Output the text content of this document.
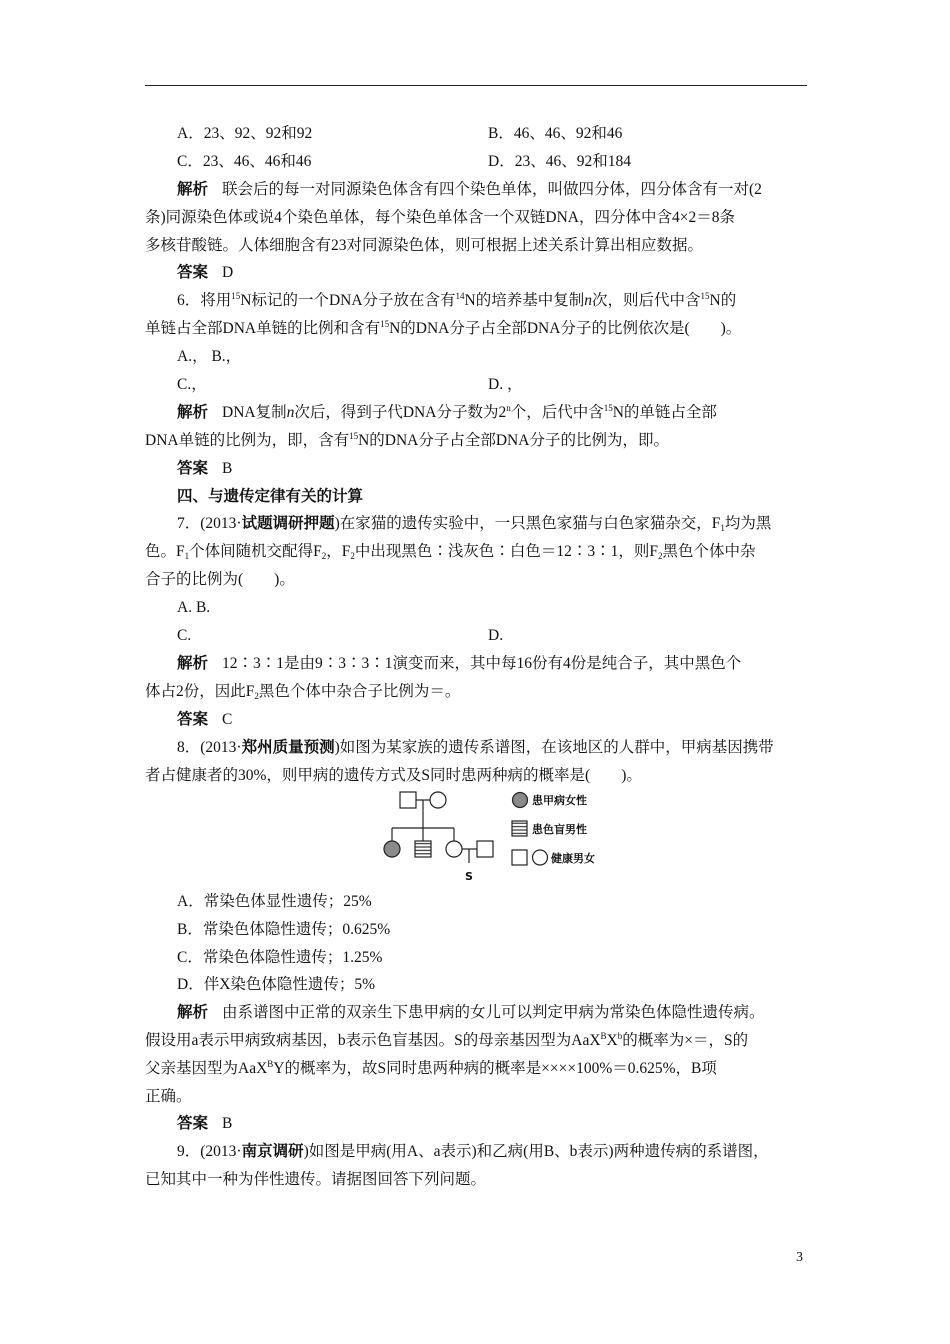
A．23、92、92和92	B．46、46、92和46
C．23、46、46和46	D．23、46、92和184
解析 联会后的每一对同源染色体含有四个染色单体，叫做四分体，四分体含有一对(2
条)同源染色体或说4个染色单体，每个染色单体含一个双链DNA，四分体中含4×2＝8条
多核苷酸链。人体细胞含有23对同源染色体，则可根据上述关系计算出相应数据。
答案 D
6．将用$^{15}$N标记的一个DNA分子放在含有$^{14}$N的培养基中复制n次，则后代中含$^{15}$N的
单链占全部DNA单链的比例和含有$^{15}$N的DNA分子占全部DNA分子的比例依次是(　　)。
A.， B.，
C.，	D. ，
解析 DNA复制n次后，得到子代DNA分子数为2$^n$个，后代中含$^{15}$N的单链占全部
DNA单链的比例为，即，含有$^{15}$N的DNA分子占全部DNA分子的比例为，即。
答案 B
四、与遗传定律有关的计算
7．(2013·试题调研押题)在家猫的遗传实验中，一只黑色家猫与白色家猫杂交，$F_1$均为黑
色。$F_1$个体间随机交配得$F_2$，$F_2$中出现黑色∶浅灰色∶白色＝12∶3∶1，则$F_2$黑色个体中杂
合子的比例为(　　)。
A. B.
C.	D.
解析 12∶3∶1是由9∶3∶3∶1演变而来，其中每16份有4份是纯合子，其中黑色个
体占2份，因此$F_2$黑色个体中杂合子比例为＝。
答案 C
8．(2013·郑州质量预测)如图为某家族的遗传系谱图，在该地区的人群中，甲病基因携带
者占健康者的30%，则甲病的遗传方式及S同时患两种病的概率是(　　)。
S
患甲病女性
患色盲男性
健康男女
A．常染色体显性遗传；25%
B．常染色体隐性遗传；0.625%
C．常染色体隐性遗传；1.25%
D．伴X染色体隐性遗传；5%
解析 由系谱图中正常的双亲生下患甲病的女儿可以判定甲病为常染色体隐性遗传病。
假设用a表示甲病致病基因，b表示色盲基因。S的母亲基因型为$AaX^BX^b$的概率为×＝，S的
父亲基因型为AaX$^B$Y的概率为，故S同时患两种病的概率是××××100%＝0.625%，B项
正确。
答案 B
9．(2013·南京调研)如图是甲病(用A、a表示)和乙病(用B、b表示)两种遗传病的系谱图，
已知其中一种为伴性遗传。请据图回答下列问题。
3
